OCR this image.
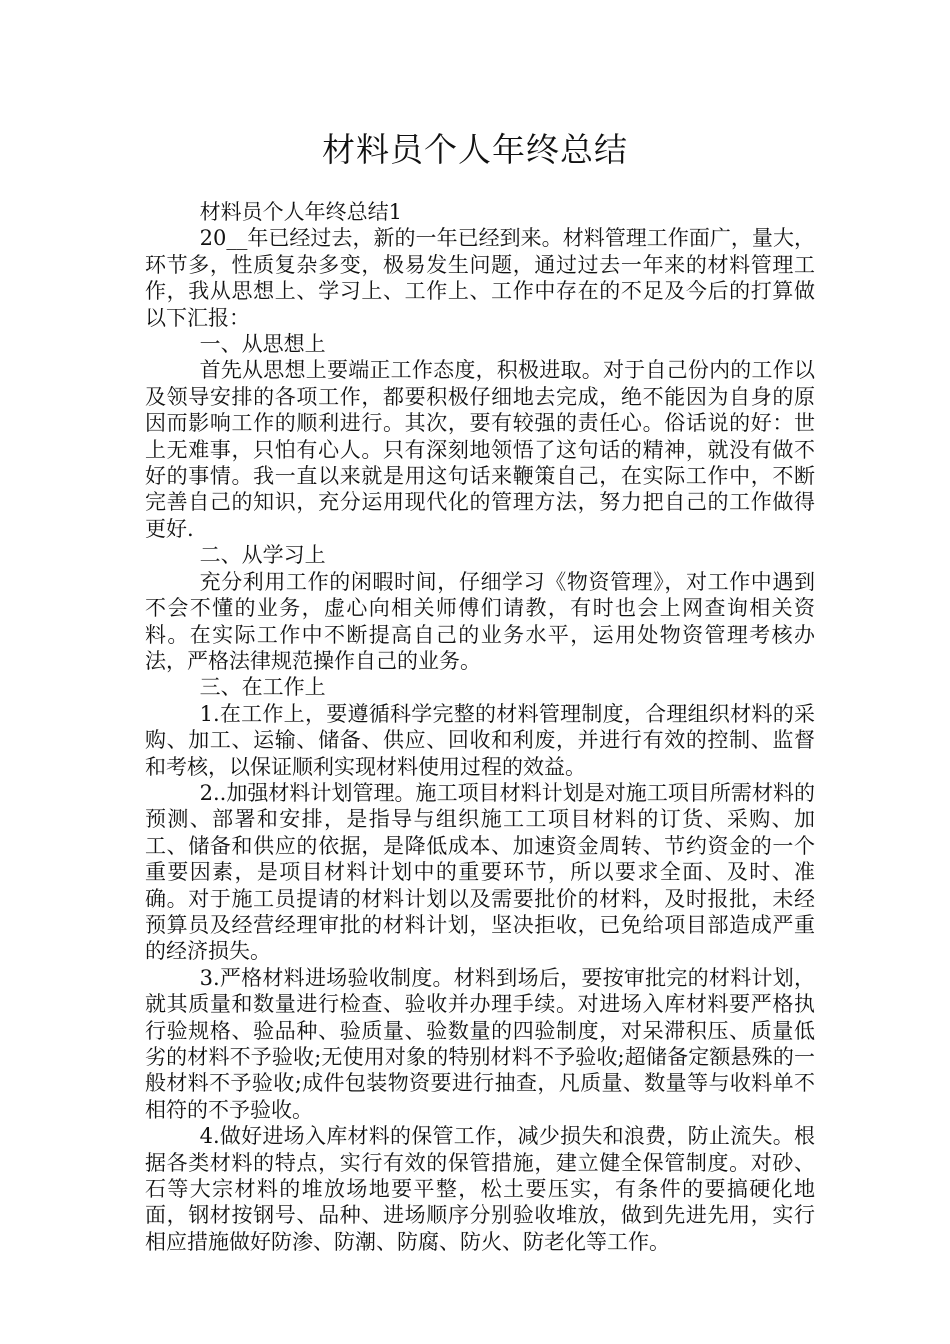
材料员个人年终总结

材料员个人年终总结1

20__年已经过去，新的一年已经到来。材料管理工作面广，量大，环节多，性质复杂多变，极易发生问题，通过过去一年来的材料管理工作，我从思想上、学习上、工作上、工作中存在的不足及今后的打算做以下汇报：

一、从思想上

首先从思想上要端正工作态度，积极进取。对于自己份内的工作以及领导安排的各项工作，都要积极仔细地去完成，绝不能因为自身的原因而影响工作的顺利进行。其次，要有较强的责任心。俗话说的好：世上无难事，只怕有心人。只有深刻地领悟了这句话的精神，就没有做不好的事情。我一直以来就是用这句话来鞭策自己，在实际工作中，不断完善自己的知识，充分运用现代化的管理方法，努力把自己的工作做得更好.

二、从学习上

充分利用工作的闲暇时间，仔细学习《物资管理》，对工作中遇到不会不懂的业务，虚心向相关师傅们请教，有时也会上网查询相关资料。在实际工作中不断提高自己的业务水平，运用处物资管理考核办法，严格法律规范操作自己的业务。

三、在工作上

1.在工作上，要遵循科学完整的材料管理制度，合理组织材料的采购、加工、运输、储备、供应、回收和利废，并进行有效的控制、监督和考核，以保证顺利实现材料使用过程的效益。

2..加强材料计划管理。施工项目材料计划是对施工项目所需材料的预测、部署和安排，是指导与组织施工工项目材料的订货、采购、加工、储备和供应的依据，是降低成本、加速资金周转、节约资金的一个重要因素，是项目材料计划中的重要环节，所以要求全面、及时、准确。对于施工员提请的材料计划以及需要批价的材料，及时报批，未经预算员及经营经理审批的材料计划，坚决拒收，已免给项目部造成严重的经济损失。

3.严格材料进场验收制度。材料到场后，要按审批完的材料计划，就其质量和数量进行检查、验收并办理手续。对进场入库材料要严格执行验规格、验品种、验质量、验数量的四验制度，对呆滞积压、质量低劣的材料不予验收;无使用对象的特别材料不予验收;超储备定额悬殊的一般材料不予验收;成件包装物资要进行抽查，凡质量、数量等与收料单不相符的不予验收。

4.做好进场入库材料的保管工作，减少损失和浪费，防止流失。根据各类材料的特点，实行有效的保管措施，建立健全保管制度。对砂、石等大宗材料的堆放场地要平整，松土要压实，有条件的要搞硬化地面，钢材按钢号、品种、进场顺序分别验收堆放，做到先进先用，实行相应措施做好防渗、防潮、防腐、防火、防老化等工作。
